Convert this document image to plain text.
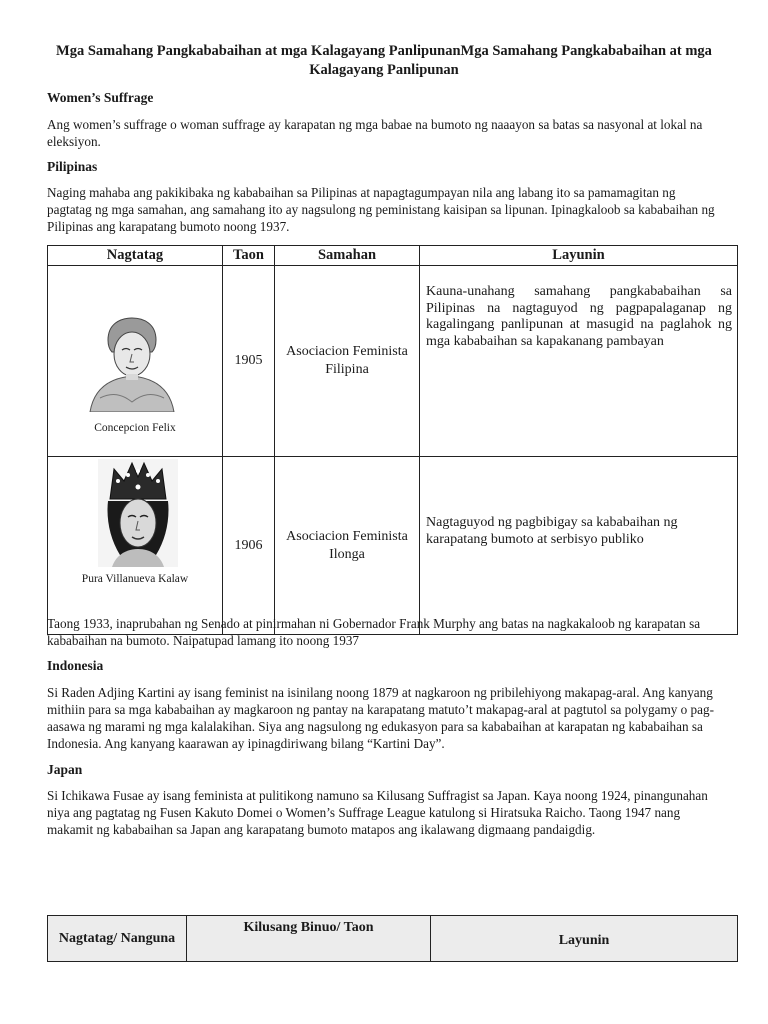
Mga Samahang Pangkababaihan at mga Kalagayang PanlipunanMga Samahang Pangkababaihan at mga Kalagayang Panlipunan
Women’s Suffrage
Ang women’s suffrage o woman suffrage ay karapatan ng mga babae na bumoto ng naaayon sa batas sa nasyonal at lokal na eleksiyon.
Pilipinas
Naging mahaba ang pakikibaka ng kababaihan sa Pilipinas at napagtagumpayan nila ang labang ito sa pamamagitan ng pagtatag ng mga samahan, ang samahang ito ay nagsulong ng peministang kaisipan sa lipunan. Ipinagkaloob sa kababaihan ng Pilipinas ang karapatang bumoto noong 1937.
Nagtatag	Taon	Samahan	Layunin

Concepcion Felix	1905	Asociacion Feminista Filipina	Kauna-unahang samahang pangkababaihan sa Pilipinas na nagtaguyod ng pagpapalaganap ng kagalingang panlipunan at masugid na paglahok ng mga kababaihan sa kapakanang pambayan

Pura Villanueva Kalaw	1906	Asociacion Feminista Ilonga	Nagtaguyod ng pagbibigay sa kababaihan ng karapatang bumoto at serbisyo publiko
Taong 1933, inaprubahan ng Senado at pinirmahan ni Gobernador Frank Murphy ang batas na nagkakaloob ng karapatan sa kababaihan na bumoto. Naipatupad lamang ito noong 1937
Indonesia
Si Raden Adjing Kartini ay isang feminist na isinilang noong 1879 at nagkaroon ng pribilehiyong makapag-aral. Ang kanyang mithiin para sa mga kababaihan ay magkaroon ng pantay na karapatang matuto’t makapag-aral at pagtutol sa polygamy o pag-aasawa ng marami ng mga kalalakihan. Siya ang nagsulong ng edukasyon para sa kababaihan at karapatan ng kababaihan sa Indonesia. Ang kanyang kaarawan ay ipinagdiriwang bilang “Kartini Day”.
Japan
Si Ichikawa Fusae ay isang feminista at pulitikong namuno sa Kilusang Suffragist sa Japan. Kaya noong 1924, pinangunahan niya ang pagtatag ng Fusen Kakuto Domei o Women’s Suffrage League katulong si Hiratsuka Raicho. Taong 1947 nang makamit ng kababaihan sa Japan ang karapatang bumoto matapos ang ikalawang digmaang pandaigdig.
Nagtatag/ Nanguna	Kilusang Binuo/ Taon	Layunin
